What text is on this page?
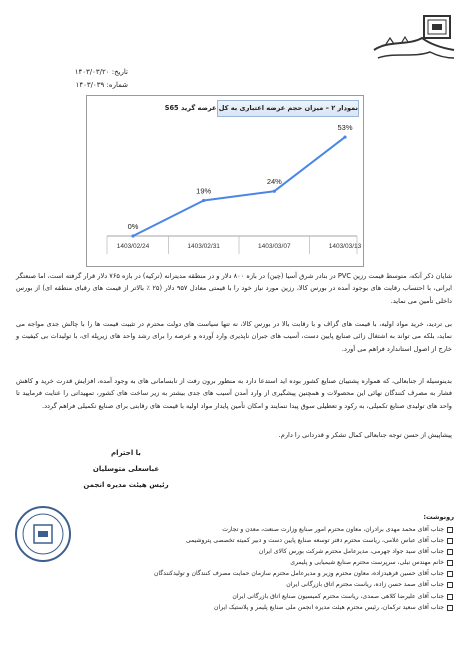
تاریخ: ۱۴۰۳/۰۳/۲۰
شماره: ۱۴۰۳/۰۳۹
نمودار ۲ – میزان حجم عرضه اعتباری به کل عرضه گرید S65
0%
1403/02/24
19%
1403/02/31
24%
1403/03/07
53%
1403/03/13
شایان ذکر آنکه، متوسط قیمت رزین PVC در بنادر شرق آسیا (چین) در بازه ۸۰۰ دلار و در منطقه مدیترانه (ترکیه) در بازه ۷۶۵ دلار قرار گرفته است، اما صنعتگر ایرانی، با احتساب رقابت های بوجود آمده در بورس کالا، رزین مورد نیاز خود را با قیمتی معادل ۹۵۷ دلار (۲۵ ٪ بالاتر از قیمت های رقبای منطقه ای) از بورس داخلی تأمین می نماید.
بی تردید، خرید مواد اولیه، با قیمت های گزاف و با رقابت بالا در بورس کالا، نه تنها سیاست های دولت محترم در تثبیت قیمت ها را با چالش جدی مواجه می نماید، بلکه می تواند به اشتغال زائی صنایع پایین دست، آسیب های جبران ناپذیری وارد آورده و عرصه را برای رشد واحد های زیرپله ای، با تولیدات بی کیفیت و خارج از اصول استاندارد فراهم می آورد.
بدینوسیله از جنابعالی، که همواره پشتیبان صنایع کشور بوده اید استدعا دارد به منظور برون رفت از نابسامانی های به وجود آمده، افزایش قدرت خرید و کاهش فشار به مصرف کنندگان نهائی این محصولات و همچنین پیشگیری از وارد آمدن آسیب های جدی بیشتر به زیر ساخت های کشور، تمهیداتی را عنایت فرمایید تا واحد های تولیدی صنایع تکمیلی، به رکود و تعطیلی سوق پیدا ننمایند و امکان تأمین پایدار مواد اولیه با قیمت های رقابتی برای صنایع تکمیلی فراهم گردد.
پیشاپیش از حسن توجه جنابعالی کمال تشکر و قدردانی را دارم.
با احترام
عباسعلی متوسلیان
رئیس هیئت مدیره انجمن
رونوشت:
جناب آقای محمد مهدی برادران، معاون محترم امور صنایع وزارت صنعت، معدن و تجارت
جناب آقای عباس غلامی، ریاست محترم دفتر توسعه صنایع پایین دست و دبیر کمیته تخصصی پتروشیمی
جناب آقای سید جواد جهرمی، مدیرعامل محترم شرکت بورس کالای ایران
خانم مهندس نیلی، سرپرست محترم صنایع شیمیایی و پلیمری
جناب آقای حسین فرهیدزاده، معاون محترم وزیر و مدیرعامل محترم سازمان حمایت مصرف کنندگان و تولیدکنندگان
جناب آقای صمد حسن زاده، ریاست محترم اتاق بازرگانی ایران
جناب آقای علیرضا کلاهی صمدی، ریاست محترم کمیسیون صنایع اتاق بازرگانی ایران
جناب آقای سعید ترکمان، رئیس محترم هیئت مدیره انجمن ملی صنایع پلیمر و پلاستیک ایران
